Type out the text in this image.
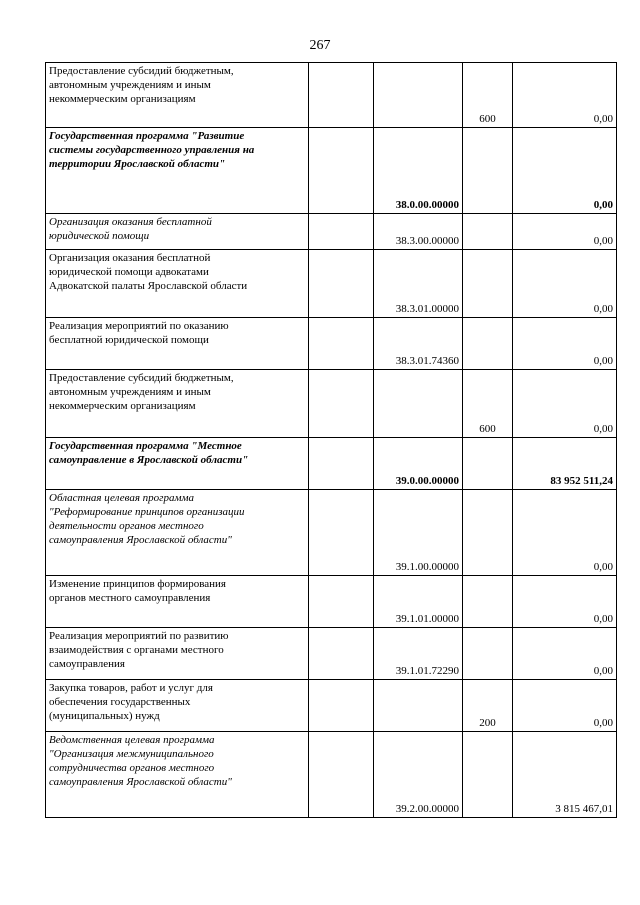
267
Предоставление субсидий бюджетным,
автономным учреждениям и иным
некоммерческим организациям			600	0,00
Государственная программа "Развитие
системы государственного управления на
территории Ярославской области"		38.0.00.00000		0,00
Организация оказания бесплатной
юридической помощи		38.3.00.00000		0,00
Организация оказания бесплатной
юридической помощи адвокатами
Адвокатской палаты Ярославской области		38.3.01.00000		0,00
Реализация мероприятий по оказанию
бесплатной юридической помощи		38.3.01.74360		0,00
Предоставление субсидий бюджетным,
автономным учреждениям и иным
некоммерческим организациям			600	0,00
Государственная программа "Местное
самоуправление в Ярославской области"		39.0.00.00000		83 952 511,24
Областная целевая программа
"Реформирование принципов организации
деятельности органов местного
самоуправления Ярославской области"		39.1.00.00000		0,00
Изменение принципов формирования
органов местного самоуправления		39.1.01.00000		0,00
Реализация мероприятий по развитию
взаимодействия с органами местного
самоуправления		39.1.01.72290		0,00
Закупка товаров, работ и услуг для
обеспечения государственных
(муниципальных) нужд			200	0,00
Ведомственная целевая программа
"Организация межмуниципального
сотрудничества органов местного
самоуправления Ярославской области"		39.2.00.00000		3 815 467,01
